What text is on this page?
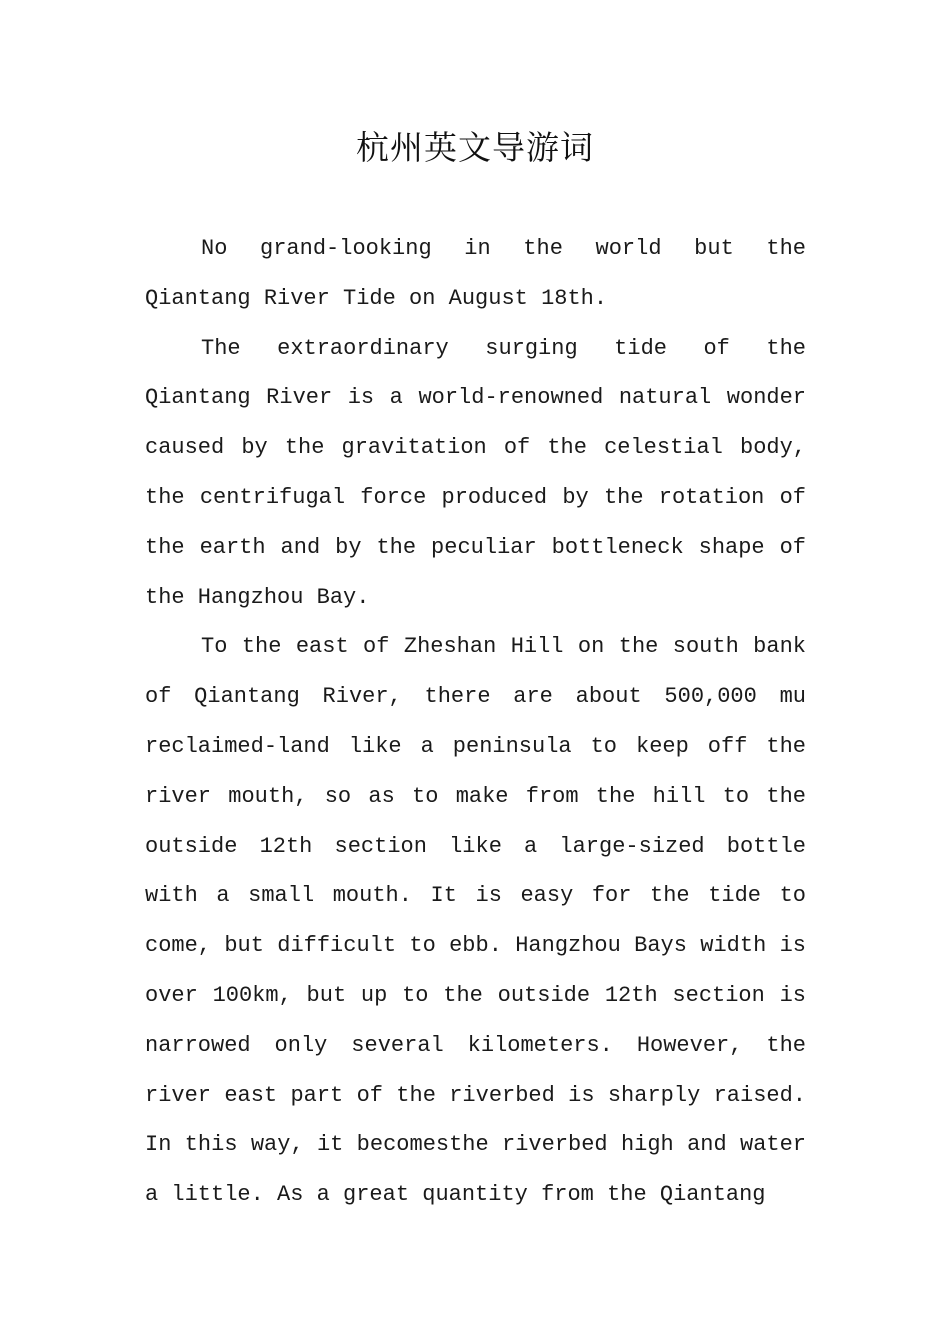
杭州英文导游词

No grand-looking in the world but the Qiantang River Tide on August 18th.

The extraordinary surging tide of the Qiantang River is a world-renowned natural wonder caused by the gravitation of the celestial body, the centrifugal force produced by the rotation of the earth and by the peculiar bottleneck shape of the Hangzhou Bay.

To the east of Zheshan Hill on the south bank of Qiantang River, there are about 500,000 mu reclaimed-land like a peninsula to keep off the river mouth, so as to make from the hill to the outside 12th section like a large-sized bottle with a small mouth. It is easy for the tide to come, but difficult to ebb. Hangzhou Bays width is over 100km, but up to the outside 12th section is narrowed only several kilometers. However, the river east part of the riverbed is sharply raised. In this way, it becomesthe riverbed high and water a little. As a great quantity from the Qiantang
